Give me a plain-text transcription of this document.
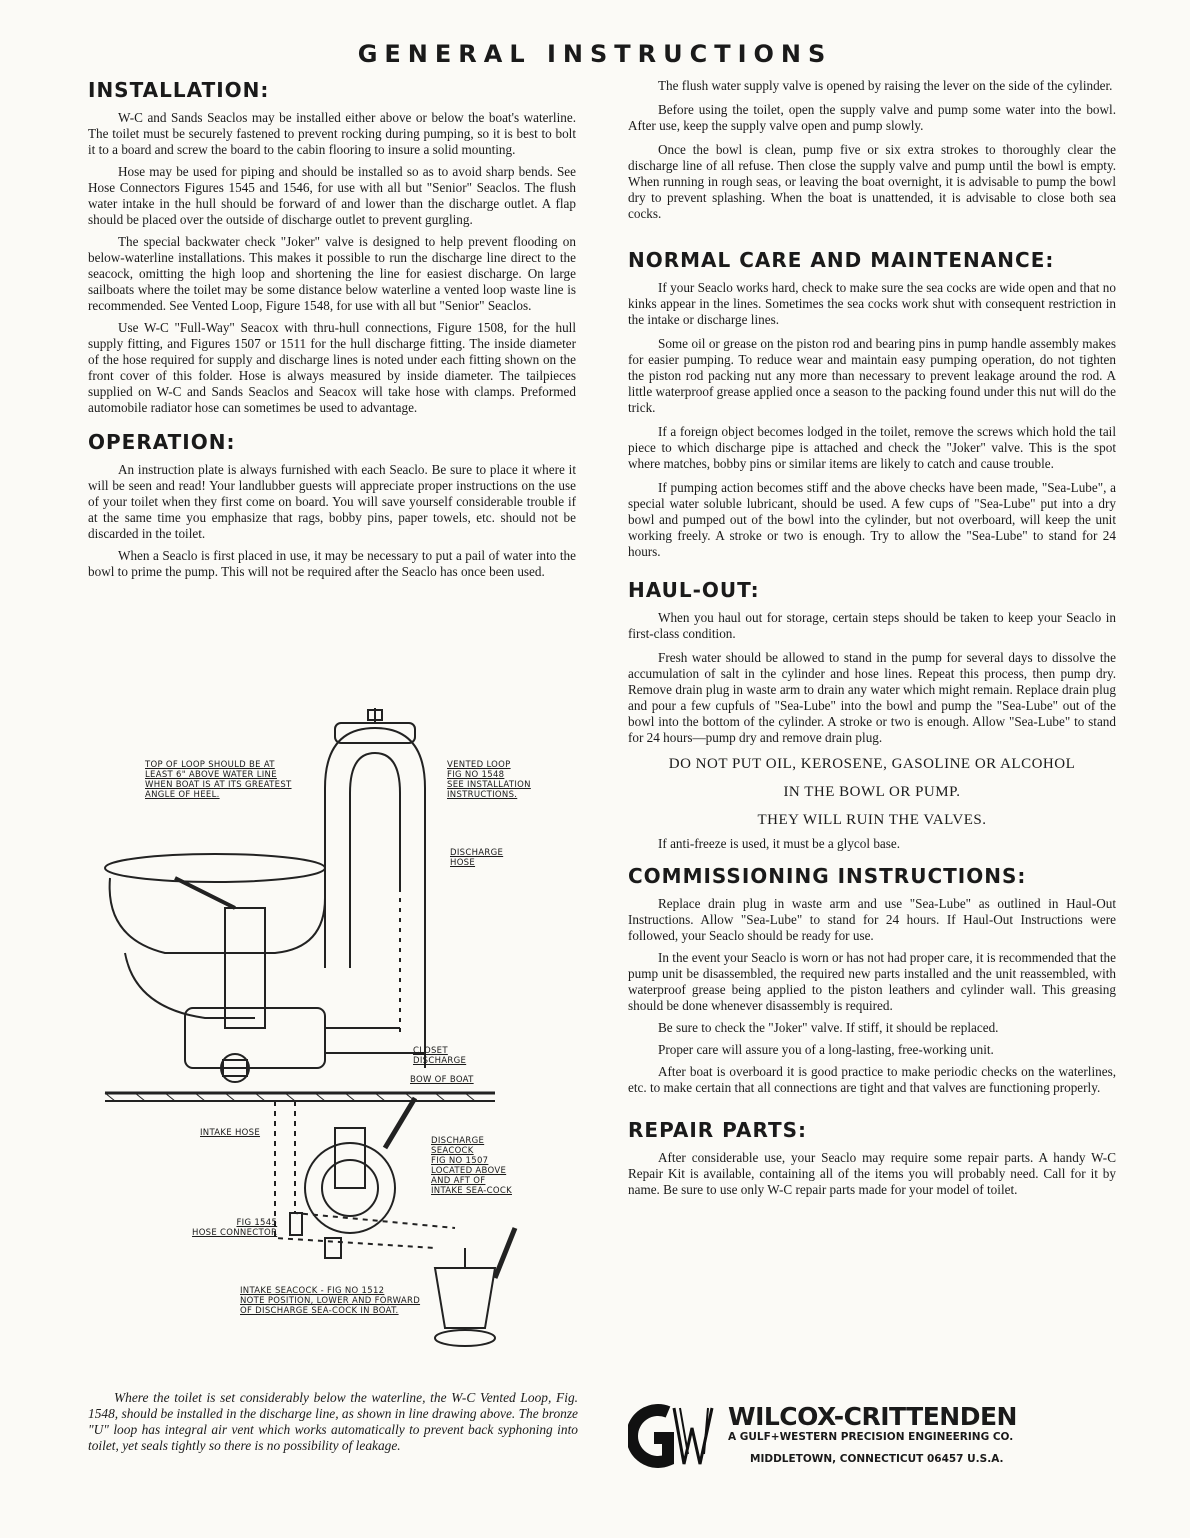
GENERAL INSTRUCTIONS
INSTALLATION:

W-C and Sands Seaclos may be installed either above or below the boat's waterline. The toilet must be securely fastened to prevent rocking during pumping, so it is best to bolt it to a board and screw the board to the cabin flooring to insure a solid mounting.

Hose may be used for piping and should be installed so as to avoid sharp bends. See Hose Connectors Figures 1545 and 1546, for use with all but "Senior" Seaclos. The flush water intake in the hull should be forward of and lower than the discharge outlet. A flap should be placed over the outside of discharge outlet to prevent gurgling.

The special backwater check "Joker" valve is designed to help prevent flooding on below-waterline installations. This makes it possible to run the discharge line direct to the seacock, omitting the high loop and shortening the line for easiest discharge. On large sailboats where the toilet may be some distance below waterline a vented loop waste line is recommended. See Vented Loop, Figure 1548, for use with all but "Senior" Seaclos.

Use W-C "Full-Way" Seacox with thru-hull connections, Figure 1508, for the hull supply fitting, and Figures 1507 or 1511 for the hull discharge fitting. The inside diameter of the hose required for supply and discharge lines is noted under each fitting shown on the front cover of this folder. Hose is always measured by inside diameter. The tailpieces supplied on W-C and Sands Seaclos and Seacox will take hose with clamps. Preformed automobile radiator hose can sometimes be used to advantage.

OPERATION:

An instruction plate is always furnished with each Seaclo. Be sure to place it where it will be seen and read! Your landlubber guests will appreciate proper instructions on the use of your toilet when they first come on board. You will save yourself considerable trouble if at the same time you emphasize that rags, bobby pins, paper towels, etc. should not be discarded in the toilet.

When a Seaclo is first placed in use, it may be necessary to put a pail of water into the bowl to prime the pump. This will not be required after the Seaclo has once been used.

TOP OF LOOP SHOULD BE AT
LEAST 6" ABOVE WATER LINE
WHEN BOAT IS AT ITS GREATEST
ANGLE OF HEEL.
VENTED LOOP
FIG NO 1548
SEE INSTALLATION
INSTRUCTIONS.
DISCHARGE
HOSE
CLOSET
DISCHARGE
BOW OF BOAT
INTAKE HOSE
DISCHARGE
SEACOCK
FIG NO 1507
LOCATED ABOVE
AND AFT OF
INTAKE SEA-COCK
FIG 1545
HOSE CONNECTOR
INTAKE SEACOCK - FIG NO 1512
NOTE POSITION, LOWER AND FORWARD
OF DISCHARGE SEA-COCK IN BOAT.
Where the toilet is set considerably below the waterline, the W-C Vented Loop, Fig. 1548, should be installed in the discharge line, as shown in line drawing above. The bronze "U" loop has integral air vent which works automatically to prevent back syphoning into toilet, yet seals tightly so there is no possibility of leakage.

The flush water supply valve is opened by raising the lever on the side of the cylinder.

Before using the toilet, open the supply valve and pump some water into the bowl. After use, keep the supply valve open and pump slowly.

Once the bowl is clean, pump five or six extra strokes to thoroughly clear the discharge line of all refuse. Then close the supply valve and pump until the bowl is empty. When running in rough seas, or leaving the boat overnight, it is advisable to pump the bowl dry to prevent splashing. When the boat is unattended, it is advisable to close both sea cocks.

NORMAL CARE AND MAINTENANCE:

If your Seaclo works hard, check to make sure the sea cocks are wide open and that no kinks appear in the lines. Sometimes the sea cocks work shut with consequent restriction in the intake or discharge lines.

Some oil or grease on the piston rod and bearing pins in pump handle assembly makes for easier pumping. To reduce wear and maintain easy pumping operation, do not tighten the piston rod packing nut any more than necessary to prevent leakage around the rod. A little waterproof grease applied once a season to the packing found under this nut will do the trick.

If a foreign object becomes lodged in the toilet, remove the screws which hold the tail piece to which discharge pipe is attached and check the "Joker" valve. This is the spot where matches, bobby pins or similar items are likely to catch and cause trouble.

If pumping action becomes stiff and the above checks have been made, "Sea-Lube", a special water soluble lubricant, should be used. A few cups of "Sea-Lube" put into a dry bowl and pumped out of the bowl into the cylinder, but not overboard, will keep the unit working freely. A stroke or two is enough. Try to allow the "Sea-Lube" to stand for 24 hours.

HAUL-OUT:

When you haul out for storage, certain steps should be taken to keep your Seaclo in first-class condition.

Fresh water should be allowed to stand in the pump for several days to dissolve the accumulation of salt in the cylinder and hose lines. Repeat this process, then pump dry. Remove drain plug in waste arm to drain any water which might remain. Replace drain plug and pour a few cupfuls of "Sea-Lube" into the bowl and pump the "Sea-Lube" out of the bowl into the bottom of the cylinder. A stroke or two is enough. Allow "Sea-Lube" to stand for 24 hours—pump dry and remove drain plug.

DO NOT PUT OIL, KEROSENE, GASOLINE OR ALCOHOL
IN THE BOWL OR PUMP.
THEY WILL RUIN THE VALVES.

If anti-freeze is used, it must be a glycol base.

COMMISSIONING INSTRUCTIONS:

Replace drain plug in waste arm and use "Sea-Lube" as outlined in Haul-Out Instructions. Allow "Sea-Lube" to stand for 24 hours. If Haul-Out Instructions were followed, your Seaclo should be ready for use.

In the event your Seaclo is worn or has not had proper care, it is recommended that the pump unit be disassembled, the required new parts installed and the unit reassembled, with waterproof grease being applied to the piston leathers and cylinder wall. This greasing should be done whenever disassembly is required.

Be sure to check the "Joker" valve. If stiff, it should be replaced.

Proper care will assure you of a long-lasting, free-working unit.

After boat is overboard it is good practice to make periodic checks on the waterlines, etc. to make certain that all connections are tight and that valves are functioning properly.

REPAIR PARTS:

After considerable use, your Seaclo may require some repair parts. A handy W-C Repair Kit is available, containing all of the items you will probably need. Call for it by name. Be sure to use only W-C repair parts made for your model of toilet.

WILCOX-CRITTENDEN
A GULF+WESTERN PRECISION ENGINEERING CO.
MIDDLETOWN, CONNECTICUT 06457 U.S.A.
